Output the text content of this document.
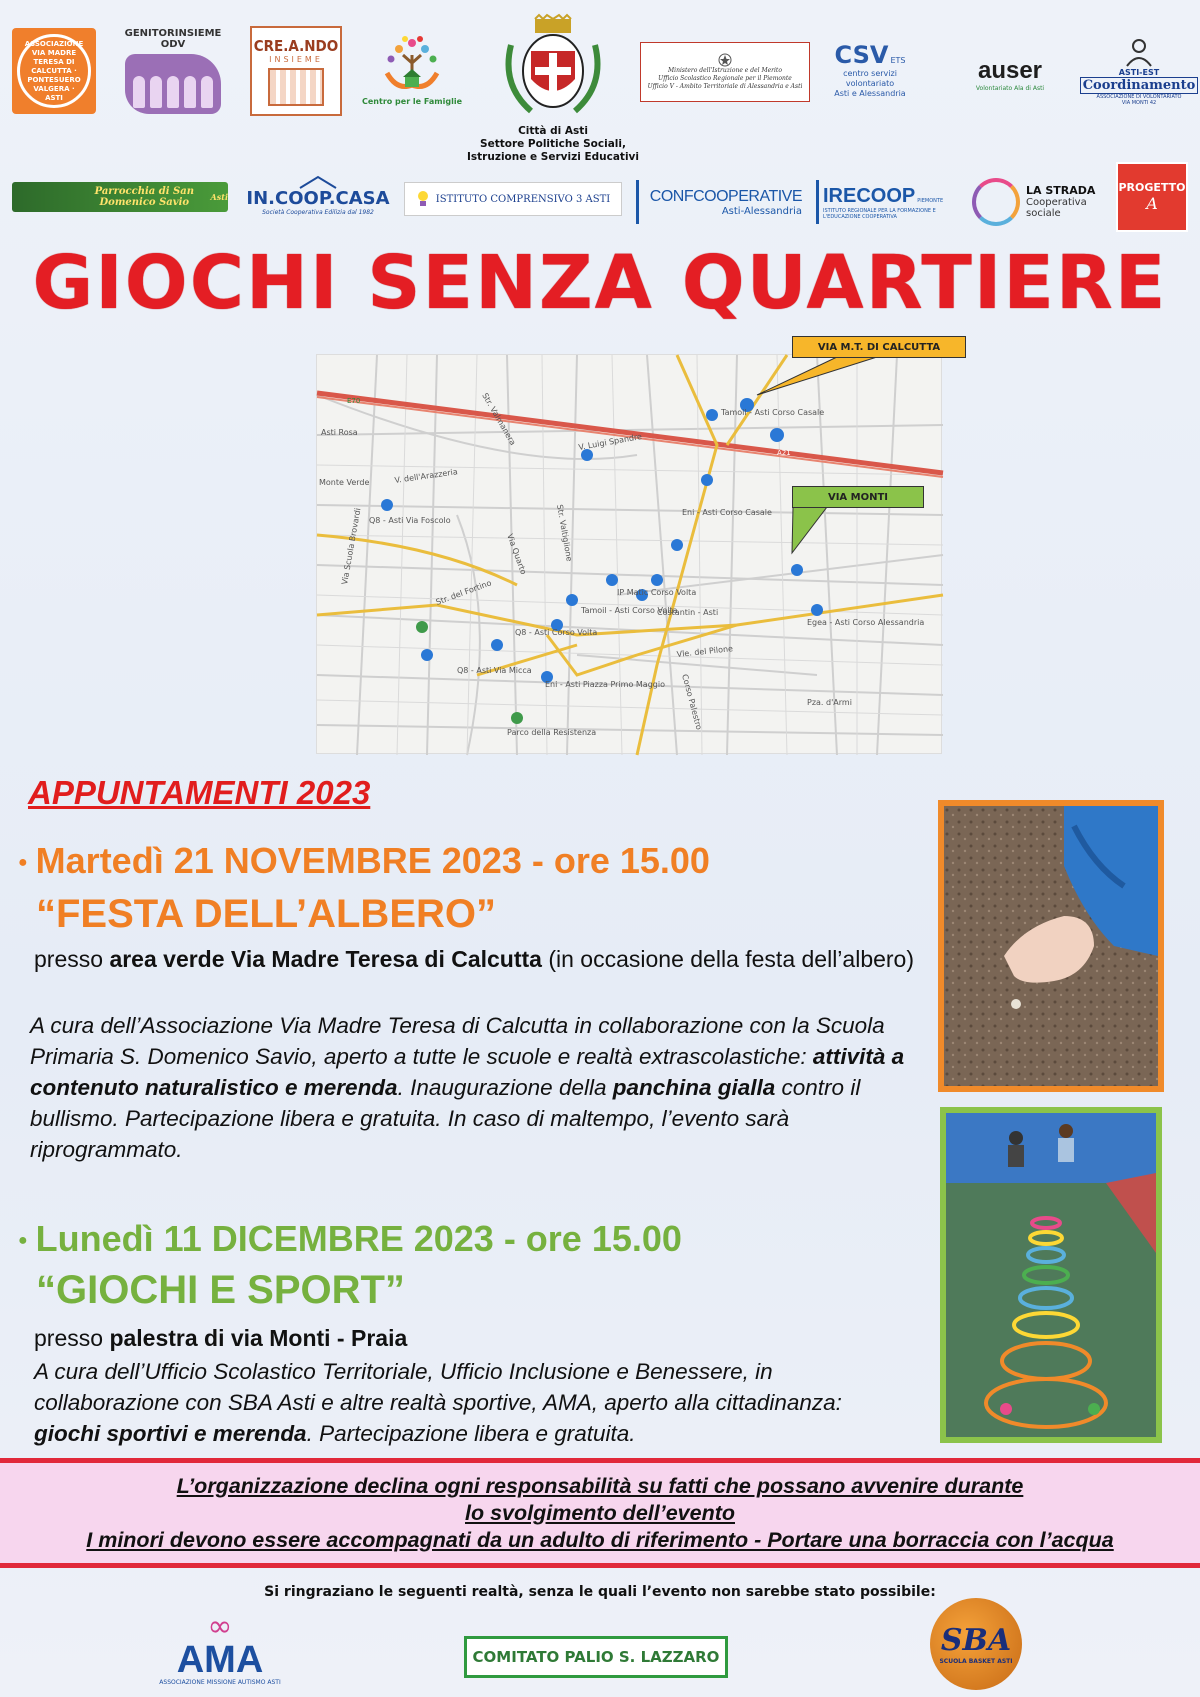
ASSOCIAZIONE VIA MADRE TERESA DI CALCUTTA · PONTESUERO VALGERA · ASTI
GENITORINSIEME ODV	CRE.A.NDO
INSIEME
Centro per le Famiglie
Città di Asti
Settore Politiche Sociali,
Istruzione e Servizi Educativi
Ministero dell'Istruzione e del Merito
Ufficio Scolastico Regionale per il Piemonte
Ufficio V - Ambito Territoriale di Alessandria e Asti
CSV ETS
centro servizi volontariato
Asti e Alessandria
auser
Volontariato Ala di Asti
ASTI-EST
Coordinamento
ASSOCIAZIONE DI VOLONTARIATO VIA MONTI 42
Parrocchia di San Domenico Savio	Asti IN.COOP.CASA
Società Cooperativa Edilizia dal 1982
ISTITUTO COMPRENSIVO 3 ASTI CONFCOOPERATIVE
Asti-Alessandria
IRECOOP PIEMONTE
ISTITUTO REGIONALE PER LA FORMAZIONE E L'EDUCAZIONE COOPERATIVA
LA STRADA
Cooperativa
sociale
PROGETTO
A
GIOCHI SENZA QUARTIERE
V. Luigi Spandre
V. dell'Arazzeria
Tamoil - Asti Corso Casale
Tamoil - Asti Corso Volta
IP Matic Corso Volta
Eni - Asti Corso Casale
Q8 - Asti Via Foscolo
Q8 - Asti Corso Volta
Q8 - Asti Via Micca
Costantin - Asti
Eni - Asti Piazza Primo Maggio
Egea - Asti Corso Alessandria
Vle. del Pilone
Pza. d'Armi
Parco della Resistenza
Str. del Fortino
Via Quarto
A21
E70
Asti Rosa
Monte Verde
Via Scuola Brovardi
Str. Valmanera
Str. Valtiglione
Corso Palestro
VIA M.T. DI CALCUTTA
VIA MONTI
APPUNTAMENTI 2023
● Martedì 21 NOVEMBRE 2023 - ore 15.00
“FESTA DELL’ALBERO”
presso area verde Via Madre Teresa di Calcutta (in occasione della festa dell’albero)
A cura dell’Associazione Via Madre Teresa di Calcutta in collaborazione con la Scuola Primaria S. Domenico Savio, aperto a tutte le scuole e realtà extrascolastiche: attività a contenuto naturalistico e merenda. Inaugurazione della panchina gialla contro il bullismo. Partecipazione libera e gratuita. In caso di maltempo, l’evento sarà riprogrammato.
● Lunedì 11 DICEMBRE 2023 - ore 15.00
“GIOCHI E SPORT”
presso palestra di via Monti - Praia
A cura dell’Ufficio Scolastico Territoriale, Ufficio Inclusione e Benessere, in collaborazione con SBA Asti e altre realtà sportive, AMA, aperto alla cittadinanza: giochi sportivi e merenda. Partecipazione libera e gratuita.
L’organizzazione declina ogni responsabilità su fatti che possano avvenire durante
lo svolgimento dell’evento
I minori devono essere accompagnati da un adulto di riferimento - Portare una borraccia con l’acqua
Si ringraziano le seguenti realtà, senza le quali l’evento non sarebbe stato possibile:
∞
AMA
ASSOCIAZIONE MISSIONE AUTISMO ASTI
COMITATO PALIO S. LAZZARO	SBA
SCUOLA BASKET ASTI
